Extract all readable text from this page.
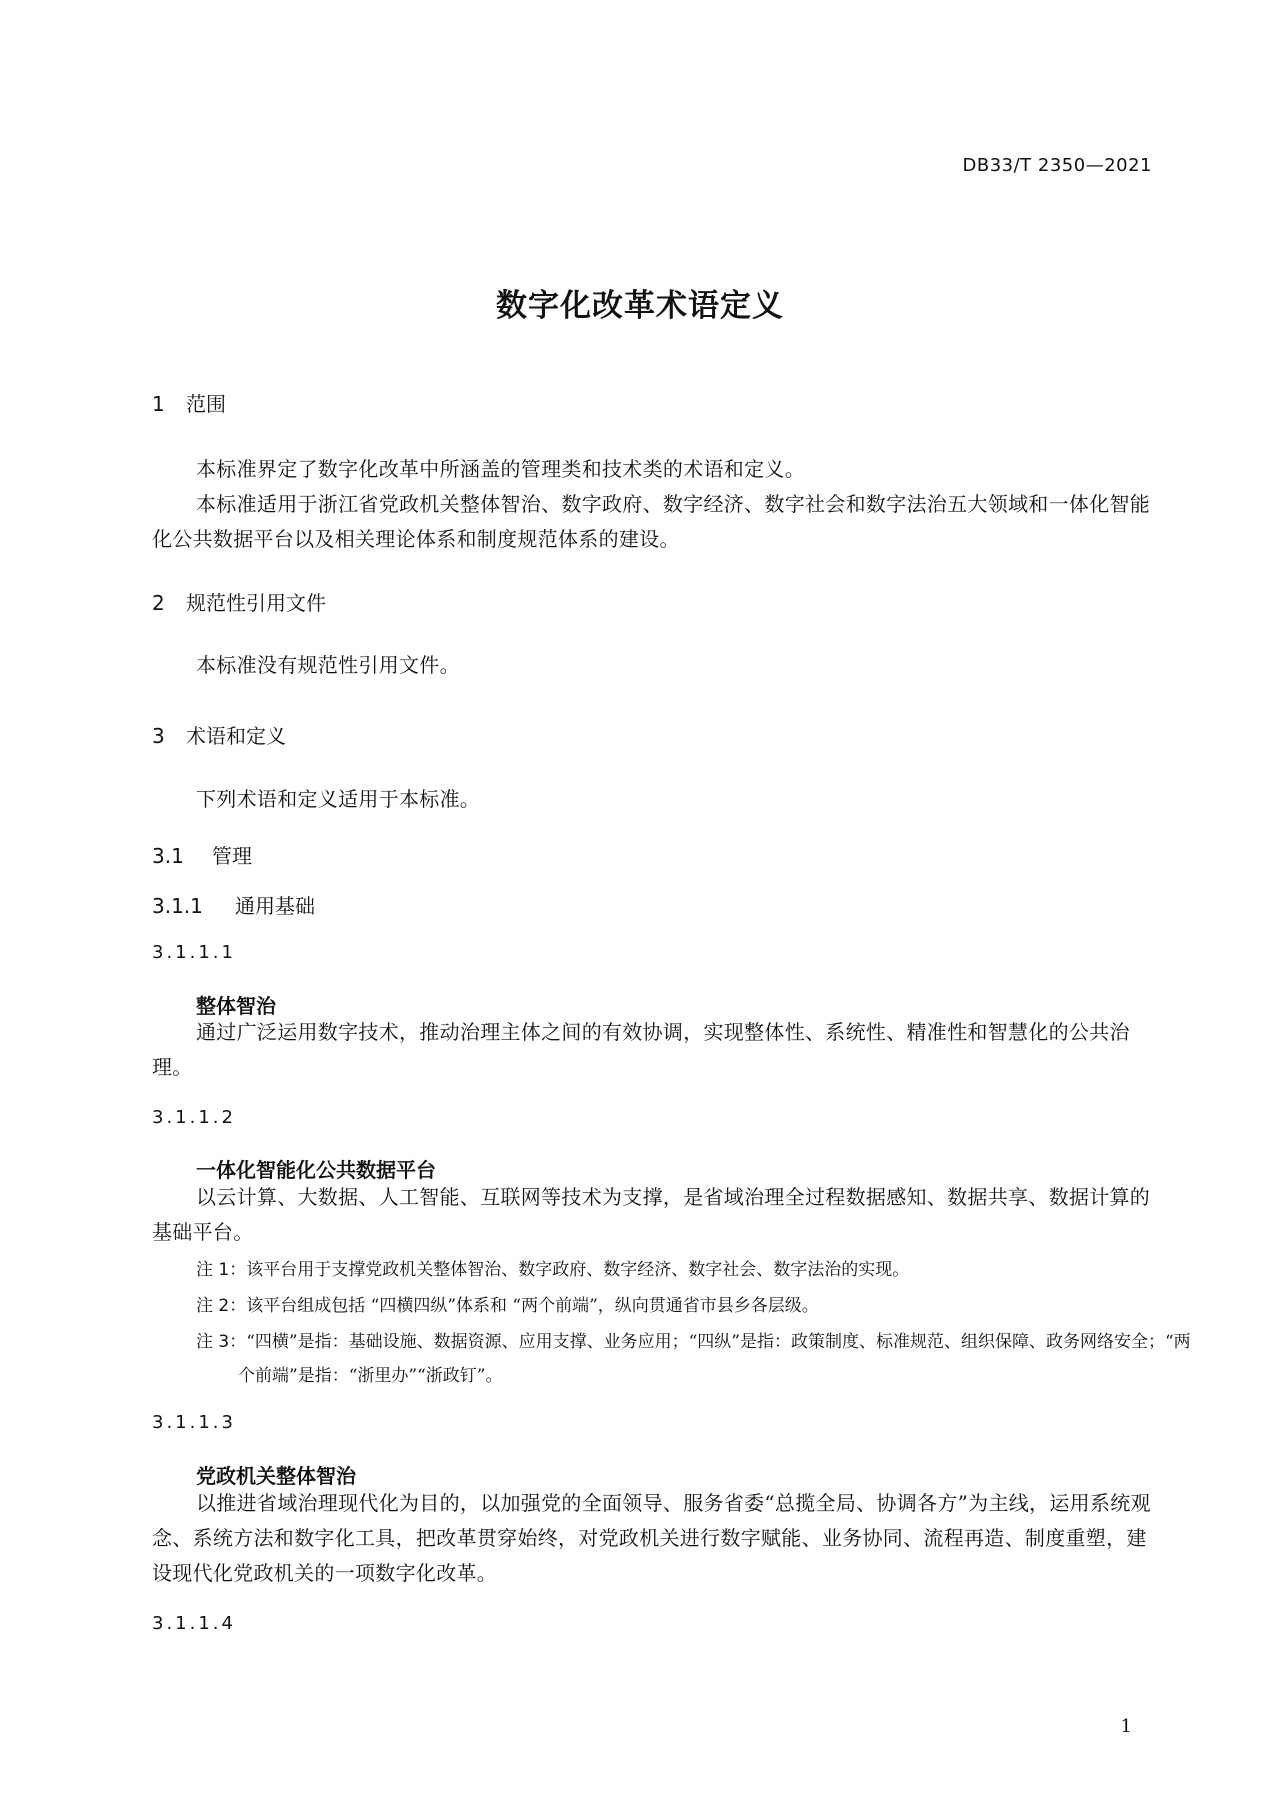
DB33/T 2350—2021
数字化改革术语定义
1 范围
本标准界定了数字化改革中所涵盖的管理类和技术类的术语和定义。
本标准适用于浙江省党政机关整体智治、数字政府、数字经济、数字社会和数字法治五大领域和一体化智能化公共数据平台以及相关理论体系和制度规范体系的建设。
2 规范性引用文件
本标准没有规范性引用文件。
3 术语和定义
下列术语和定义适用于本标准。
3.1 管理
3.1.1 通用基础
3.1.1.1
整体智治
通过广泛运用数字技术，推动治理主体之间的有效协调，实现整体性、系统性、精准性和智慧化的公共治理。
3.1.1.2
一体化智能化公共数据平台
以云计算、大数据、人工智能、互联网等技术为支撑，是省域治理全过程数据感知、数据共享、数据计算的基础平台。
注 1：该平台用于支撑党政机关整体智治、数字政府、数字经济、数字社会、数字法治的实现。
注 2：该平台组成包括 “四横四纵”体系和 “两个前端”，纵向贯通省市县乡各层级。
注 3：“四横”是指：基础设施、数据资源、应用支撑、业务应用；“四纵”是指：政策制度、标准规范、组织保障、政务网络安全；“两个前端”是指：“浙里办”“浙政钉”。
3.1.1.3
党政机关整体智治
以推进省域治理现代化为目的，以加强党的全面领导、服务省委“总揽全局、协调各方”为主线，运用系统观念、系统方法和数字化工具，把改革贯穿始终，对党政机关进行数字赋能、业务协同、流程再造、制度重塑，建设现代化党政机关的一项数字化改革。
3.1.1.4
1
